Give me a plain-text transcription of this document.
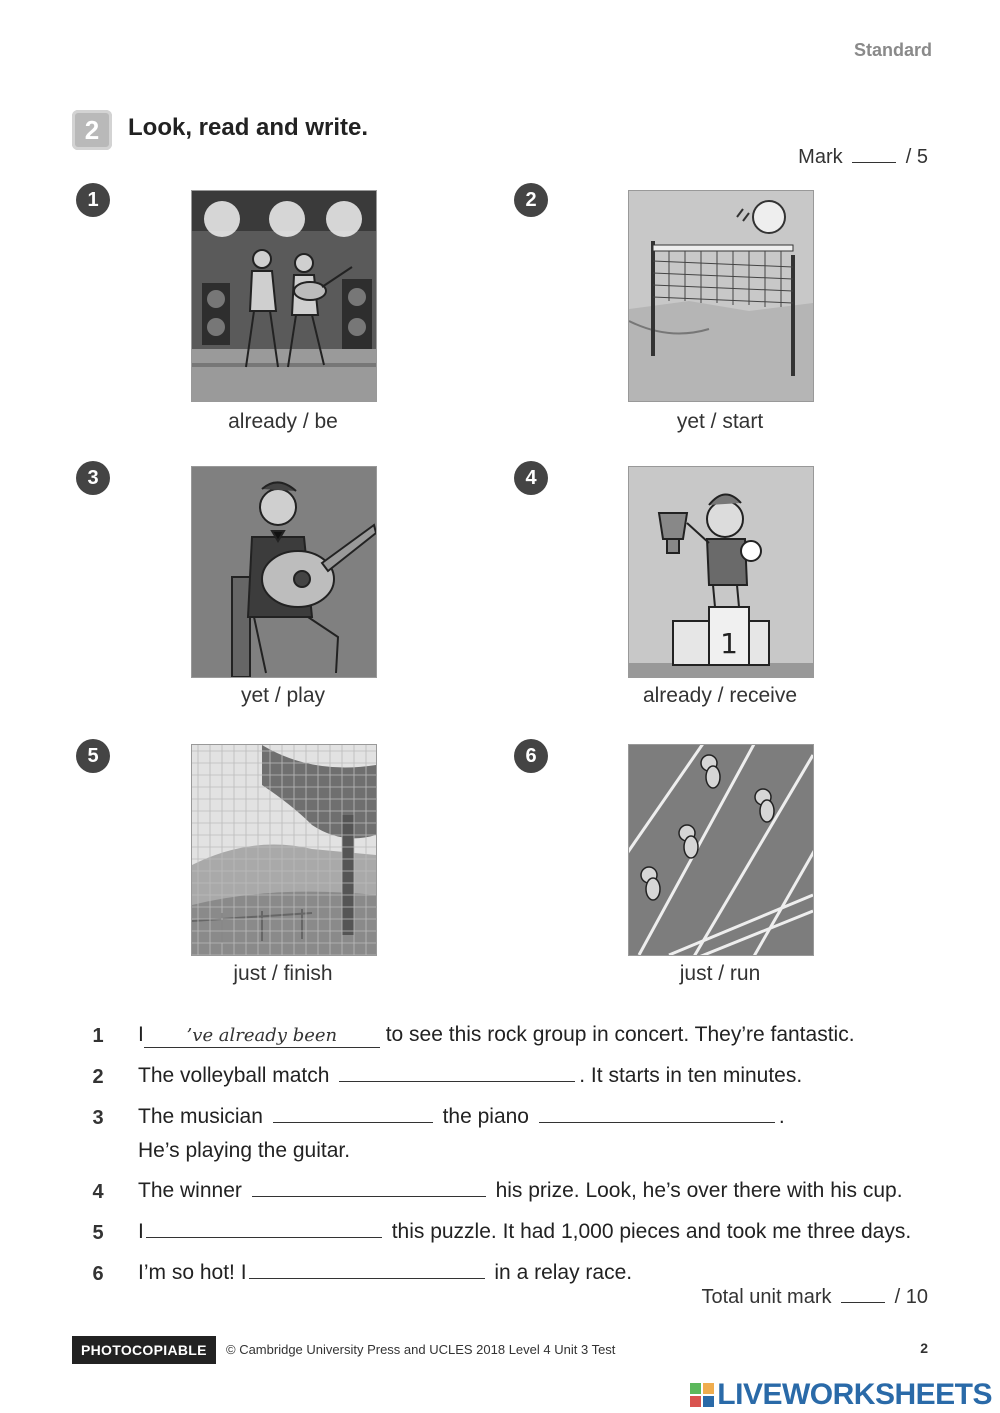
Standard
2	Look, read and write.
Mark	/ 5
1
already / be
2
yet / start
3
yet / play
4
1
already / receive
5
just / finish
6
just / run
1 I ’ve already been to see this rock group in concert. They’re fantastic.
2 The volleyball match	. It starts in ten minutes.
3 The musician	the piano	.
He’s playing the guitar.
4 The winner	his prize. Look, he’s over there with his cup.
5 I	this puzzle. It had 1,000 pieces and took me three days.
6 I’m so hot! I	in a relay race.
Total unit mark	/ 10
PHOTOCOPIABLE	© Cambridge University Press and UCLES 2018 Level 4 Unit 3 Test	2
LIVEWORKSHEETS
